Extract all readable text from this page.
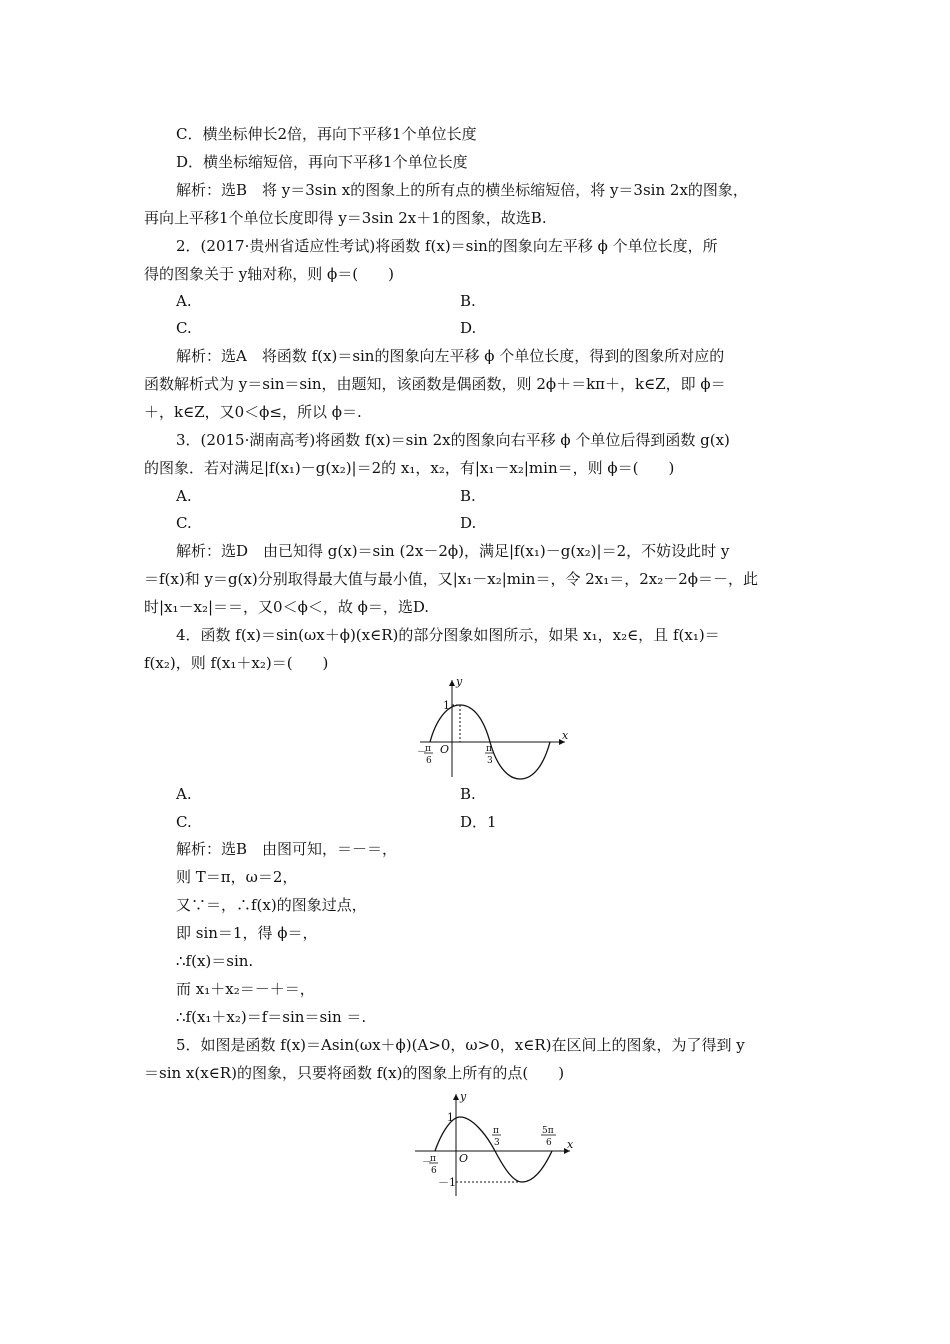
C．横坐标伸长2倍，再向下平移1个单位长度
D．横坐标缩短倍，再向下平移1个单位长度
解析：选B　将 y＝3sin x的图象上的所有点的横坐标缩短倍，将 y＝3sin 2x的图象，
再向上平移1个单位长度即得 y＝3sin 2x＋1的图象，故选B.
2．(2017·贵州省适应性考试)将函数 f(x)＝sin的图象向左平移 ϕ 个单位长度，所
得的图象关于 y轴对称，则 ϕ＝(　　)
A.	B.
C.	D.
解析：选A　将函数 f(x)＝sin的图象向左平移 ϕ 个单位长度，得到的图象所对应的
函数解析式为 y＝sin＝sin，由题知，该函数是偶函数，则 2ϕ＋＝kπ＋，k∈Z，即 ϕ＝
＋，k∈Z，又0＜ϕ≤，所以 ϕ＝.
3．(2015·湖南高考)将函数 f(x)＝sin 2x的图象向右平移 ϕ 个单位后得到函数 g(x)
的图象．若对满足|f(x₁)－g(x₂)|＝2的 x₁，x₂，有|x₁－x₂|min＝，则 ϕ＝(　　)
A.	B.
C.	D.
解析：选D　由已知得 g(x)＝sin (2x－2ϕ)，满足|f(x₁)－g(x₂)|＝2，不妨设此时 y
＝f(x)和 y＝g(x)分别取得最大值与最小值，又|x₁－x₂|min＝，令 2x₁＝，2x₂－2ϕ＝－，此
时|x₁－x₂|＝＝，又0＜ϕ＜，故 ϕ＝，选D.
4．函数 f(x)＝sin(ωx＋ϕ)(x∈R)的部分图象如图所示，如果 x₁，x₂∈，且 f(x₁)＝
f(x₂)，则 f(x₁＋x₂)＝(　　)
y
x
1
O
－
π
6
π
3
A.	B.
C.	D．1
解析：选B　由图可知，＝－＝，
则 T＝π，ω＝2，
又∵＝，∴f(x)的图象过点，
即 sin＝1，得 ϕ＝，
∴f(x)＝sin.
而 x₁＋x₂＝－＋＝，
∴f(x₁＋x₂)＝f＝sin＝sin ＝.
5．如图是函数 f(x)＝Asin(ωx＋ϕ)(A>0，ω>0，x∈R)在区间上的图象，为了得到 y
＝sin x(x∈R)的图象，只要将函数 f(x)的图象上所有的点(　　)
y
x
1
－1
O
－
π
6
π
3
5π
6
